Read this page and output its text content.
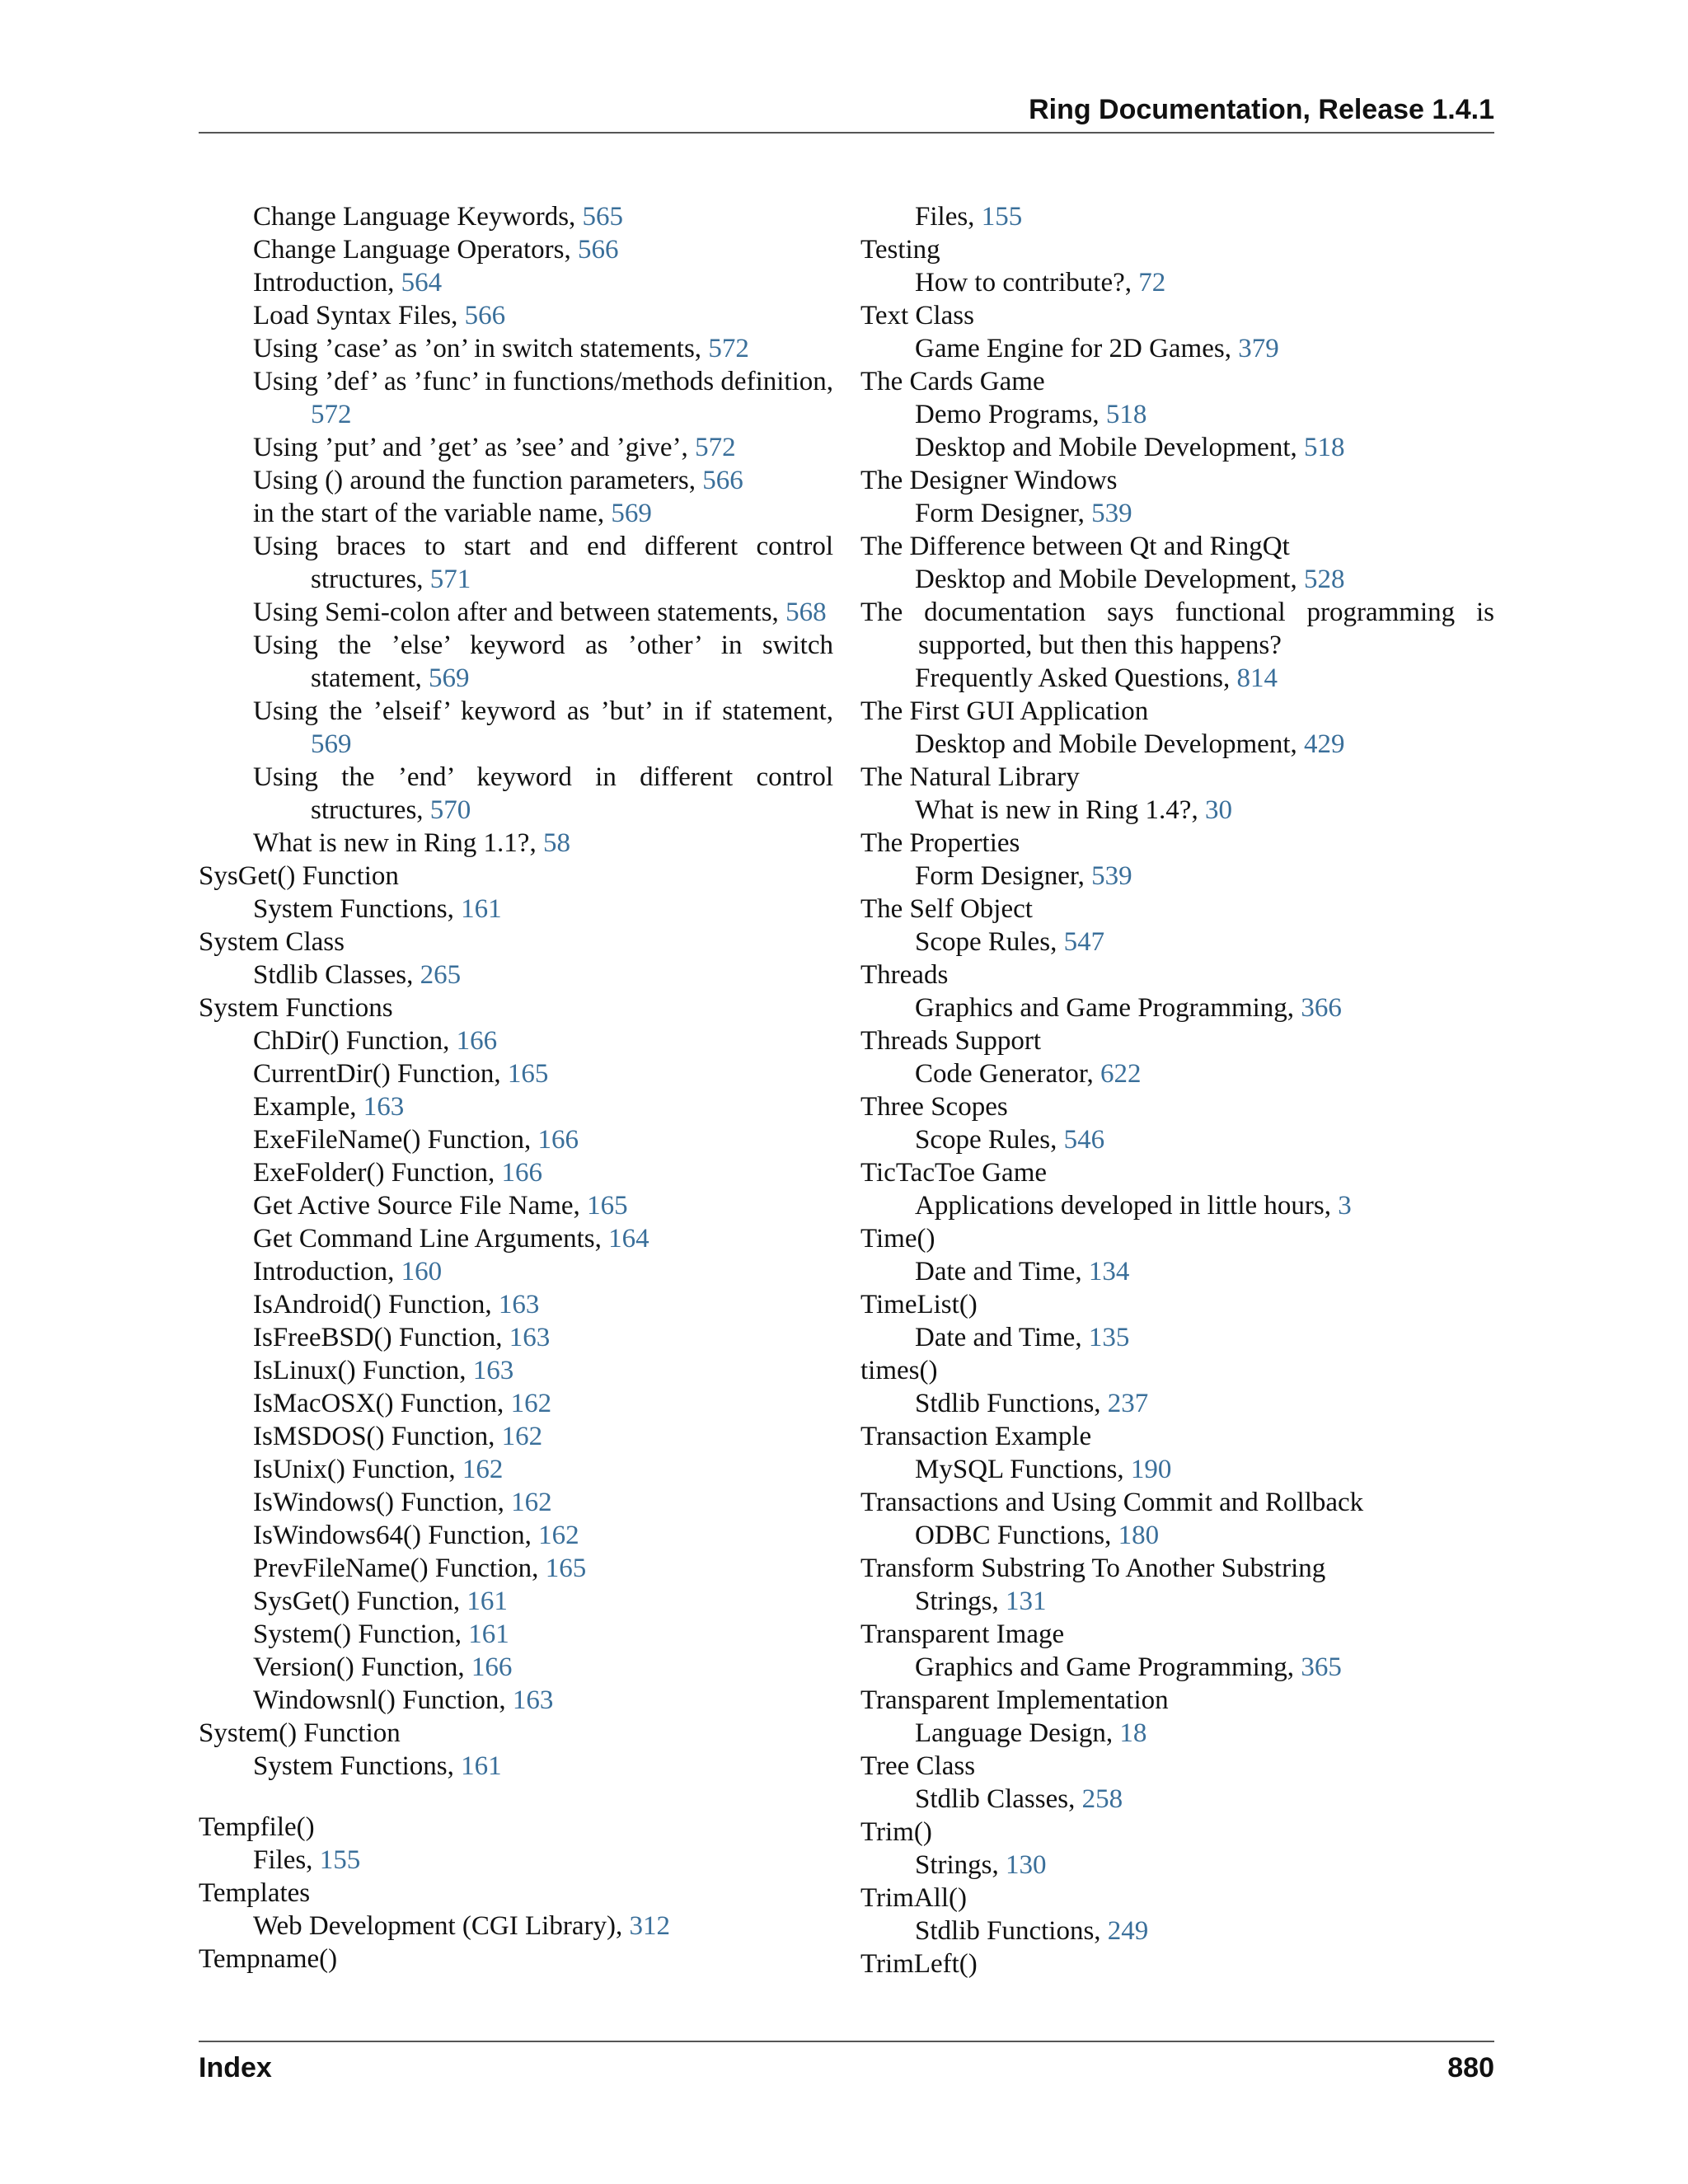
Ring Documentation, Release 1.4.1

Change Language Keywords, 565

Change Language Operators, 566

Introduction, 564

Load Syntax Files, 566

Using ’case’ as ’on’ in switch statements, 572

Using ’def’ as ’func’ in functions/methods definition, 572

Using ’put’ and ’get’ as ’see’ and ’give’, 572

Using () around the function parameters, 566

in the start of the variable name, 569

Using braces to start and end different control structures, 571

Using Semi-colon after and between statements, 568

Using the ’else’ keyword as ’other’ in switch statement, 569

Using the ’elseif’ keyword as ’but’ in if statement, 569

Using the ’end’ keyword in different control structures, 570

What is new in Ring 1.1?, 58

SysGet() Function

System Functions, 161

System Class

Stdlib Classes, 265

System Functions

ChDir() Function, 166

CurrentDir() Function, 165

Example, 163

ExeFileName() Function, 166

ExeFolder() Function, 166

Get Active Source File Name, 165

Get Command Line Arguments, 164

Introduction, 160

IsAndroid() Function, 163

IsFreeBSD() Function, 163

IsLinux() Function, 163

IsMacOSX() Function, 162

IsMSDOS() Function, 162

IsUnix() Function, 162

IsWindows() Function, 162

IsWindows64() Function, 162

PrevFileName() Function, 165

SysGet() Function, 161

System() Function, 161

Version() Function, 166

Windowsnl() Function, 163

System() Function

System Functions, 161

Tempfile()

Files, 155

Templates

Web Development (CGI Library), 312

Tempname()

Files, 155

Testing

How to contribute?, 72

Text Class

Game Engine for 2D Games, 379

The Cards Game

Demo Programs, 518

Desktop and Mobile Development, 518

The Designer Windows

Form Designer, 539

The Difference between Qt and RingQt

Desktop and Mobile Development, 528

The documentation says functional programming is supported, but then this happens?

Frequently Asked Questions, 814

The First GUI Application

Desktop and Mobile Development, 429

The Natural Library

What is new in Ring 1.4?, 30

The Properties

Form Designer, 539

The Self Object

Scope Rules, 547

Threads

Graphics and Game Programming, 366

Threads Support

Code Generator, 622

Three Scopes

Scope Rules, 546

TicTacToe Game

Applications developed in little hours, 3

Time()

Date and Time, 134

TimeList()

Date and Time, 135

times()

Stdlib Functions, 237

Transaction Example

MySQL Functions, 190

Transactions and Using Commit and Rollback

ODBC Functions, 180

Transform Substring To Another Substring

Strings, 131

Transparent Image

Graphics and Game Programming, 365

Transparent Implementation

Language Design, 18

Tree Class

Stdlib Classes, 258

Trim()

Strings, 130

TrimAll()

Stdlib Functions, 249

TrimLeft()

Index	880
